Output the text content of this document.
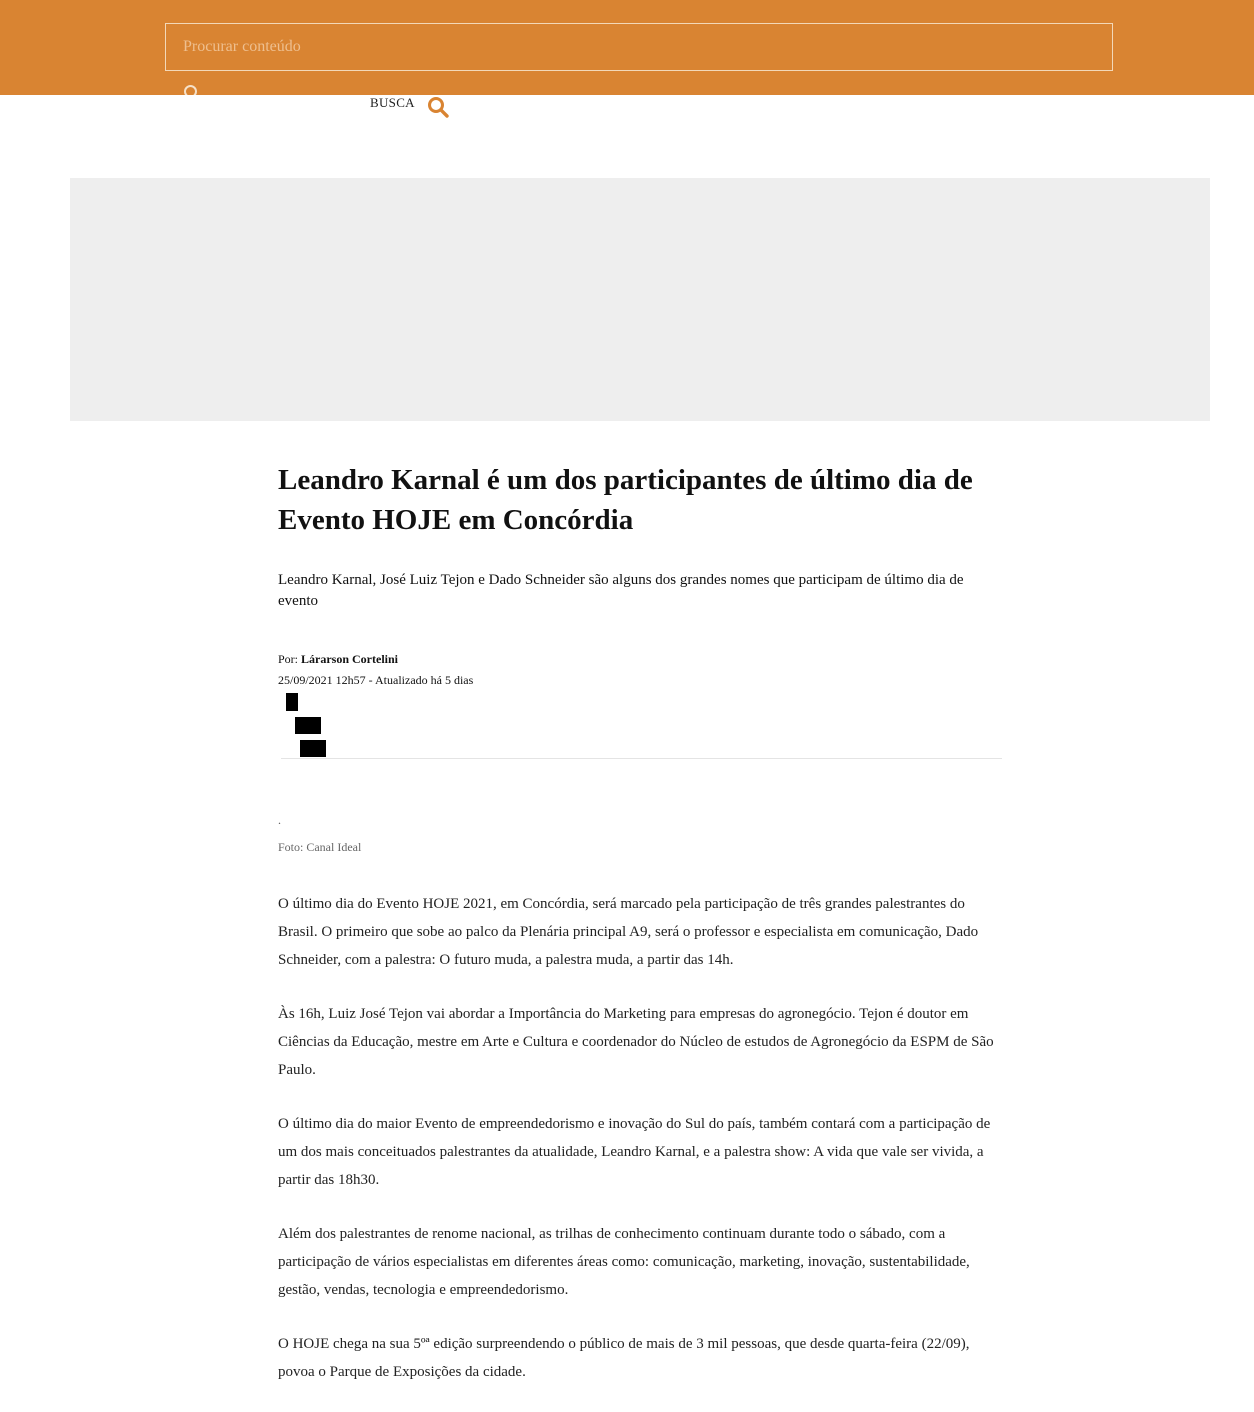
Procurar conteúdo
BUSCA
Leandro Karnal é um dos participantes de último dia de Evento HOJE em Concórdia

Leandro Karnal, José Luiz Tejon e Dado Schneider são alguns dos grandes nomes que participam de último dia de evento

Por: Lárarson Cortelini
25/09/2021 12h57 - Atualizado há 5 dias
.
Foto: Canal Ideal

O último dia do Evento HOJE 2021, em Concórdia, será marcado pela participação de três grandes palestrantes do Brasil. O primeiro que sobe ao palco da Plenária principal A9, será o professor e especialista em comunicação, Dado Schneider, com a palestra: O futuro muda, a palestra muda, a partir das 14h.

Às 16h, Luiz José Tejon vai abordar a Importância do Marketing para empresas do agronegócio. Tejon é doutor em Ciências da Educação, mestre em Arte e Cultura e coordenador do Núcleo de estudos de Agronegócio da ESPM de São Paulo.

O último dia do maior Evento de empreendedorismo e inovação do Sul do país, também contará com a participação de um dos mais conceituados palestrantes da atualidade, Leandro Karnal, e a palestra show: A vida que vale ser vivida, a partir das 18h30.

Além dos palestrantes de renome nacional, as trilhas de conhecimento continuam durante todo o sábado, com a participação de vários especialistas em diferentes áreas como: comunicação, marketing, inovação, sustentabilidade, gestão, vendas, tecnologia e empreendedorismo.

O HOJE chega na sua 5ºª edição surpreendendo o público de mais de 3 mil pessoas, que desde quarta-feira (22/09), povoa o Parque de Exposições da cidade.
